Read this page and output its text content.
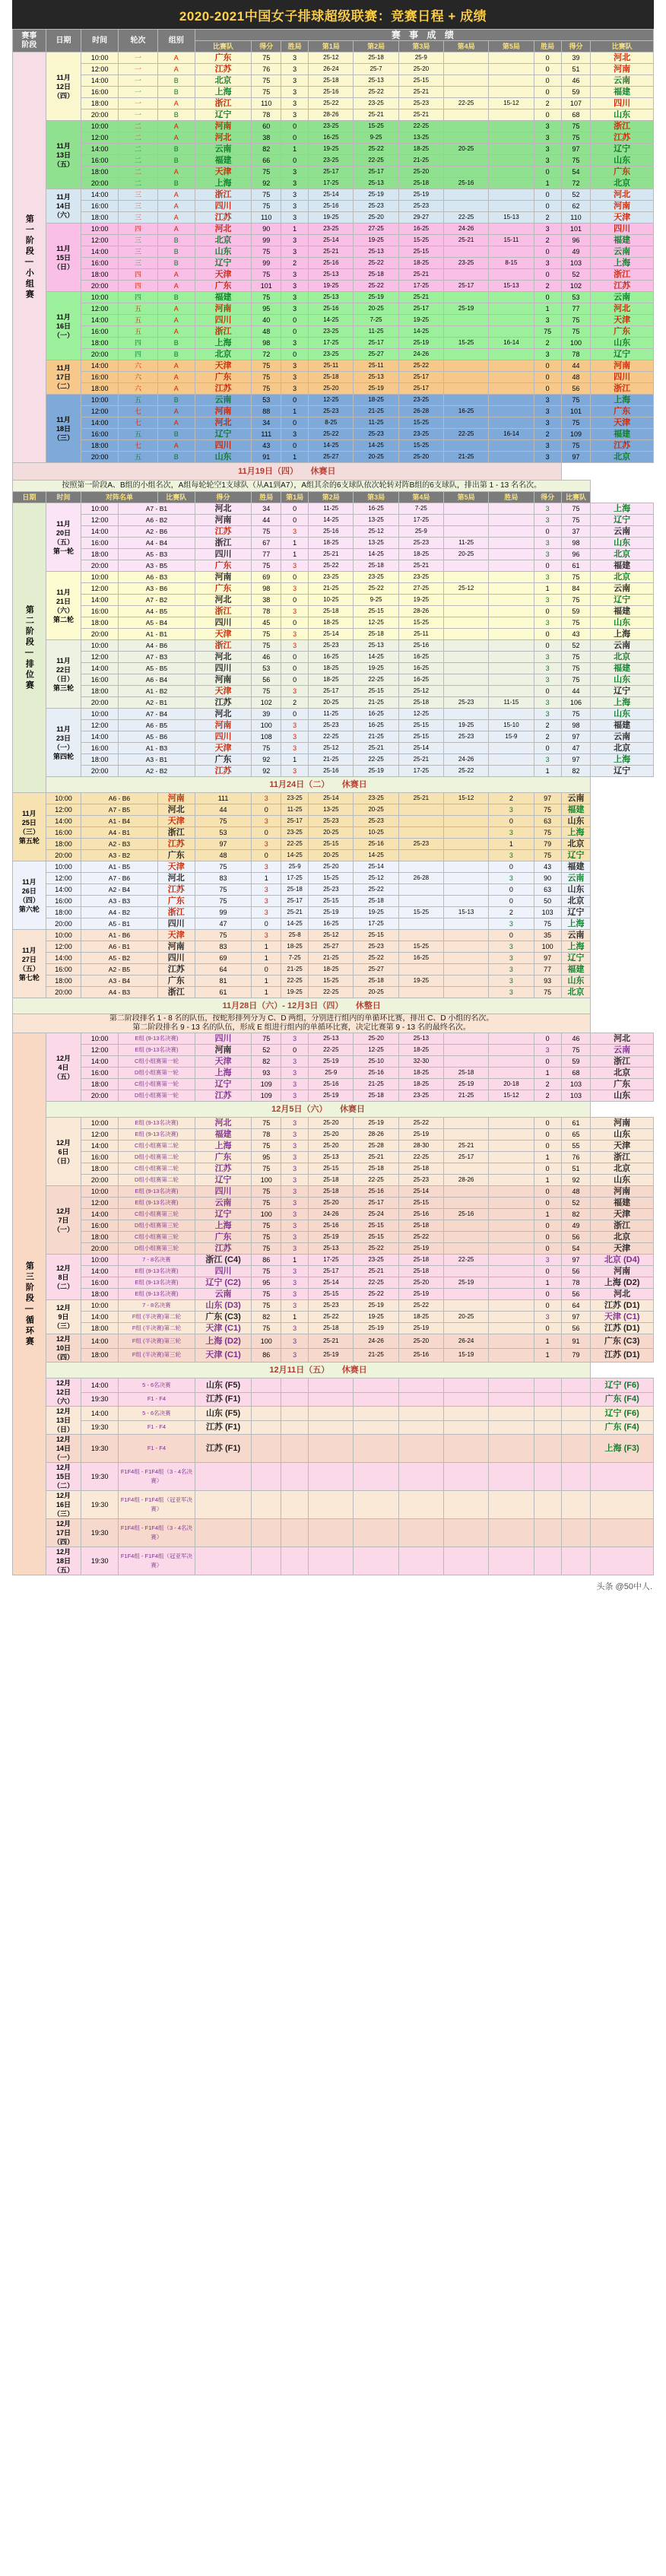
2020-2021中国女子排球超级联赛：竞赛日程 + 成绩
赛事
阶段	日期	时间	轮次	组别	赛 事 成 绩										
					比赛队	得分	胜局	第1局	第2局	第3局	第4局	第5局	胜局	得分	比赛队
第一阶段—小组赛	11月
12日
（四）	10:00	一	A	广东	75	3	25-12	25-18	25-9			0	39	河北
		12:00	一	A	江苏	76	3	26-24	25-7	25-20			0	51	河南
		14:00	一	B	北京	75	3	25-18	25-13	25-15			0	46	云南
		16:00	一	B	上海	75	3	25-16	25-22	25-21			0	59	福建
		18:00	一	A	浙江	110	3	25-22	23-25	25-23	22-25	15-12	2	107	四川
		20:00	一	B	辽宁	78	3	28-26	25-21	25-21			0	68	山东
	11月
13日
（五）	10:00	二	A	河南	60	0	23-25	15-25	22-25			3	75	浙江
		12:00	二	A	河北	38	0	16-25	9-25	13-25			3	75	江苏
		14:00	二	B	云南	82	1	19-25	25-22	18-25	20-25		3	97	辽宁
		16:00	二	B	福建	66	0	23-25	22-25	21-25			3	75	山东
		18:00	二	A	天津	75	3	25-17	25-17	25-20			0	54	广东
		20:00	二	B	上海	92	3	17-25	25-13	25-18	25-16		1	72	北京
	11月
14日
（六）	14:00	三	A	浙江	75	3	25-14	25-19	25-19			0	52	河北
		16:00	三	A	四川	75	3	25-16	25-23	25-23			0	62	河南
		18:00	三	A	江苏	110	3	19-25	25-20	29-27	22-25	15-13	2	110	天津
	11月
15日
（日）	10:00	四	A	河北	90	1	23-25	27-25	16-25	24-26		3	101	四川
		12:00	三	B	北京	99	3	25-14	19-25	15-25	25-21	15-11	2	96	福建
		14:00	三	B	山东	75	3	25-21	25-13	25-15			0	49	云南
		16:00	三	B	辽宁	99	2	25-16	25-22	18-25	23-25	8-15	3	103	上海
		18:00	四	A	天津	75	3	25-13	25-18	25-21			0	52	浙江
		20:00	四	A	广东	101	3	19-25	25-22	17-25	25-17	15-13	2	102	江苏
	11月
16日
（一）	10:00	四	B	福建	75	3	25-13	25-19	25-21			0	53	云南
		12:00	五	A	河南	95	3	25-16	20-25	25-17	25-19		1	77	河北
		14:00	五	A	四川	40	0	14-25	7-25	19-25			3	75	天津
		16:00	五	A	浙江	48	0	23-25	11-25	14-25			75	75	广东
		18:00	四	B	上海	98	3	17-25	25-17	25-19	15-25	16-14	2	100	山东
		20:00	四	B	北京	72	0	23-25	25-27	24-26			3	78	辽宁
	11月
17日
（二）	14:00	六	A	天津	75	3	25-11	25-11	25-22			0	44	河南
		16:00	六	A	广东	75	3	25-18	25-13	25-17			0	48	四川
		18:00	六	A	江苏	75	3	25-20	25-19	25-17			0	56	浙江
	11月
18日
（三）	10:00	五	B	云南	53	0	12-25	18-25	23-25			3	75	上海
		12:00	七	A	河南	88	1	25-23	21-25	26-28	16-25		3	101	广东
		14:00	七	A	河北	34	0	8-25	11-25	15-25			3	75	天津
		16:00	五	B	辽宁	111	3	25-22	25-23	23-25	22-25	16-14	2	109	福建
		18:00	七	A	四川	43	0	14-25	14-25	15-25			3	75	江苏
		20:00	五	B	山东	91	1	25-27	20-25	25-20	21-25		3	97	北京
11月19日（四）　　休赛日															
按照第一阶段A、B组的小组名次，A组每轮轮空1支球队（从A1到A7），A组其余的6支球队依次轮转对阵B组的6支球队，排出第 1 - 13 名名次。															
日期	时间	对阵名单		比赛队	得分	胜局	第1局	第2局	第3局	第4局	第5局	胜局	得分	比赛队	
第二阶段—排位赛	11月
20日
（五）
第一轮	10:00	A7 - B1		河北	34	0	11-25	16-25	7-25			3	75	上海
		12:00	A6 - B2		河南	44	0	14-25	13-25	17-25			3	75	辽宁
		14:00	A2 - B6		江苏	75	3	25-16	25-12	25-9			0	37	云南
		16:00	A4 - B4		浙江	67	1	18-25	13-25	25-23	11-25		3	98	山东
		18:00	A5 - B3		四川	77	1	25-21	14-25	18-25	20-25		3	96	北京
		20:00	A3 - B5		广东	75	3	25-22	25-18	25-21			0	61	福建
	11月
21日
（六）
第二轮	10:00	A6 - B3		河南	69	0	23-25	23-25	23-25			3	75	北京
		12:00	A3 - B6		广东	98	3	21-25	25-22	27-25	25-12		1	84	云南
		14:00	A7 - B2		河北	38	0	10-25	9-25	19-25			3	75	辽宁
		16:00	A4 - B5		浙江	78	3	25-18	25-15	28-26			0	59	福建
		18:00	A5 - B4		四川	45	0	18-25	12-25	15-25			3	75	山东
		20:00	A1 - B1		天津	75	3	25-14	25-18	25-11			0	43	上海
	11月
22日
（日）
第三轮	10:00	A4 - B6		浙江	75	3	25-23	25-13	25-16			0	52	云南
		12:00	A7 - B3		河北	46	0	16-25	14-25	16-25			3	75	北京
		14:00	A5 - B5		四川	53	0	18-25	19-25	16-25			3	75	福建
		16:00	A6 - B4		河南	56	0	18-25	22-25	16-25			3	75	山东
		18:00	A1 - B2		天津	75	3	25-17	25-15	25-12			0	44	辽宁
		20:00	A2 - B1		江苏	102	2	20-25	21-25	25-18	25-23	11-15	3	106	上海
	11月
23日
（一）
第四轮	10:00	A7 - B4		河北	39	0	11-25	16-25	12-25			3	75	山东
		12:00	A6 - B5		河南	100	3	25-23	16-25	25-15	19-25	15-10	2	98	福建
		14:00	A5 - B6		四川	108	3	22-25	21-25	25-15	25-23	15-9	2	97	云南
		16:00	A1 - B3		天津	75	3	25-12	25-21	25-14			0	47	北京
		18:00	A3 - B1		广东	92	1	21-25	22-25	25-21	24-26		3	97	上海
		20:00	A2 - B2		江苏	92	3	25-16	25-19	17-25	25-22		1	82	辽宁
	11月24日（二）　　休赛日														
11月
25日
（三）
第五轮	10:00	A6 - B6		河南	111	3	23-25	25-14	23-25	25-21	15-12	2	97	云南	
	12:00	A7 - B5		河北	44	0	11-25	13-25	20-25			3	75	福建	
	14:00	A1 - B4		天津	75	3	25-17	25-23	25-23			0	63	山东	
	16:00	A4 - B1		浙江	53	0	23-25	20-25	10-25			3	75	上海	
	18:00	A2 - B3		江苏	97	3	22-25	25-15	25-16	25-23		1	79	北京	
	20:00	A3 - B2		广东	48	0	14-25	20-25	14-25			3	75	辽宁	
11月
26日
（四）
第六轮	10:00	A1 - B5		天津	75	3	25-9	25-20	25-14			0	43	福建	
	12:00	A7 - B6		河北	83	1	17-25	15-25	25-12	26-28		3	90	云南	
	14:00	A2 - B4		江苏	75	3	25-18	25-23	25-22			0	63	山东	
	16:00	A3 - B3		广东	75	3	25-17	25-15	25-18			0	50	北京	
	18:00	A4 - B2		浙江	99	3	25-21	25-19	19-25	15-25	15-13	2	103	辽宁	
	20:00	A5 - B1		四川	47	0	14-25	16-25	17-25			3	75	上海	
11月
27日
（五）
第七轮	10:00	A1 - B6		天津	75	3	25-8	25-12	25-15			0	35	云南	
	12:00	A6 - B1		河南	83	1	18-25	25-27	25-23	15-25		3	100	上海	
	14:00	A5 - B2		四川	69	1	7-25	21-25	25-22	16-25		3	97	辽宁	
	16:00	A2 - B5		江苏	64	0	21-25	18-25	25-27			3	77	福建	
	18:00	A3 - B4		广东	81	1	22-25	15-25	25-18	19-25		3	93	山东	
	20:00	A4 - B3		浙江	61	1	19-25	22-25	20-25			3	75	北京	
11月28日（六）- 12月3日（四）　　休整日															

第二阶段排名 1 - 8 名的队伍，按蛇形排列分为 C、D 两组，分别进行组内的单循环比赛，排出 C、D 小组的名次。
第二阶段排名 9 - 13 名的队伍，形成 E 组进行组内的单循环比赛，决定比赛第 9 - 13 名的最终名次。															

第三阶段—循环赛	12月
4日
（五）	10:00	E组 (9-13名决赛)		四川	75	3	25-13	25-20	25-13			0	46	河北
		12:00	E组 (9-13名决赛)		河南	52	0	22-25	12-25	18-25			3	75	云南
		14:00	C组小组赛第一轮		天津	82	3	25-19	25-10	32-30			0	59	浙江
		16:00	D组小组赛第一轮		上海	93	3	25-9	25-16	18-25	25-18		1	68	北京
		18:00	C组小组赛第一轮		辽宁	109	3	25-16	21-25	18-25	25-19	20-18	2	103	广东
		20:00	D组小组赛第一轮		江苏	109	3	25-19	25-18	23-25	21-25	15-12	2	103	山东
	12月5日（六）　　休赛日														
	12月
6日
（日）	10:00	E组 (9-13名决赛)		河北	75	3	25-20	25-19	25-22			0	61	河南
		12:00	E组 (9-13名决赛)		福建	78	3	25-20	28-26	25-19			0	65	山东
		14:00	C组小组赛第二轮		上海	75	3	25-20	25-28	28-30	25-21		0	55	天津
		16:00	D组小组赛第二轮		广东	95	3	25-13	25-21	22-25	25-17		1	76	浙江
		18:00	C组小组赛第二轮		江苏	75	3	25-15	25-18	25-18			0	51	北京
		20:00	D组小组赛第二轮		辽宁	100	3	25-18	22-25	25-23	28-26		1	92	山东
	12月
7日
（一）	10:00	E组 (9-13名决赛)		四川	75	3	25-18	25-16	25-14			0	48	河南
		12:00	E组 (9-13名决赛)		云南	75	3	25-20	25-17	25-15			0	52	福建
		14:00	C组小组赛第三轮		辽宁	100	3	24-26	25-24	25-16	25-16		1	82	天津
		16:00	D组小组赛第三轮		上海	75	3	25-16	25-15	25-18			0	49	浙江
		18:00	C组小组赛第三轮		广东	75	3	25-19	25-15	25-22			0	56	北京
		20:00	D组小组赛第三轮		江苏	75	3	25-13	25-22	25-19			0	54	天津
	12月
8日
（二）	10:00	7 - 8名决赛		浙江 (C4)	86	1	17-25	23-25	25-18	22-25		3	97	北京 (D4)
		14:00	E组 (9-13名决赛)		四川	75	3	25-17	25-21	25-18			0	56	河南
		16:00	E组 (9-13名决赛)		辽宁 (C2)	95	3	25-14	22-25	25-20	25-19		1	78	上海 (D2)
		18:00	E组 (9-13名决赛)		云南	75	3	25-15	25-22	25-19			0	56	河北
	12月
9日
（三）	10:00	7 - 8名决赛		山东 (D3)	75	3	25-23	25-19	25-22			0	64	江苏 (D1)
		14:00	F组 (半决赛)第二轮		广东 (C3)	82	1	25-22	19-25	18-25	20-25		3	97	天津 (C1)
		18:00	F组 (半决赛)第二轮		天津 (C1)	75	3	25-18	25-19	25-19			0	56	江苏 (D1)
	12月
10日
（四）	14:00	F组 (半决赛)第三轮		上海 (D2)	100	3	25-21	24-26	25-20	26-24		1	91	广东 (C3)
		18:00	F组 (半决赛)第三轮		天津 (C1)	86	3	25-19	21-25	25-16	15-19		1	79	江苏 (D1)
	12月11日（五）　　休赛日														
	12月
12日
（六）	14:00	5 - 6名决赛		山东 (F5)										辽宁 (F6)
		19:30	F1 - F4		江苏 (F1)										广东 (F4)
	12月
13日
（日）	14:00	5 - 6名决赛		山东 (F5)										辽宁 (F6)
		19:30	F1 - F4		江苏 (F1)										广东 (F4)
	12月
14日
（一）	19:30	F1 - F4		江苏 (F1)										上海 (F3)
	12月
15日
（二）	19:30	F1F4组 - F1F4组（3 - 4名决赛）												
	12月
16日
（三）	19:30	F1F4组 - F1F4组（冠亚军决赛）												
	12月
17日
（四）	19:30	F1F4组 - F1F4组（3 - 4名决赛）												
	12月
18日
（五）	19:30	F1F4组 - F1F4组（冠亚军决赛）												
头条 @50中人.
